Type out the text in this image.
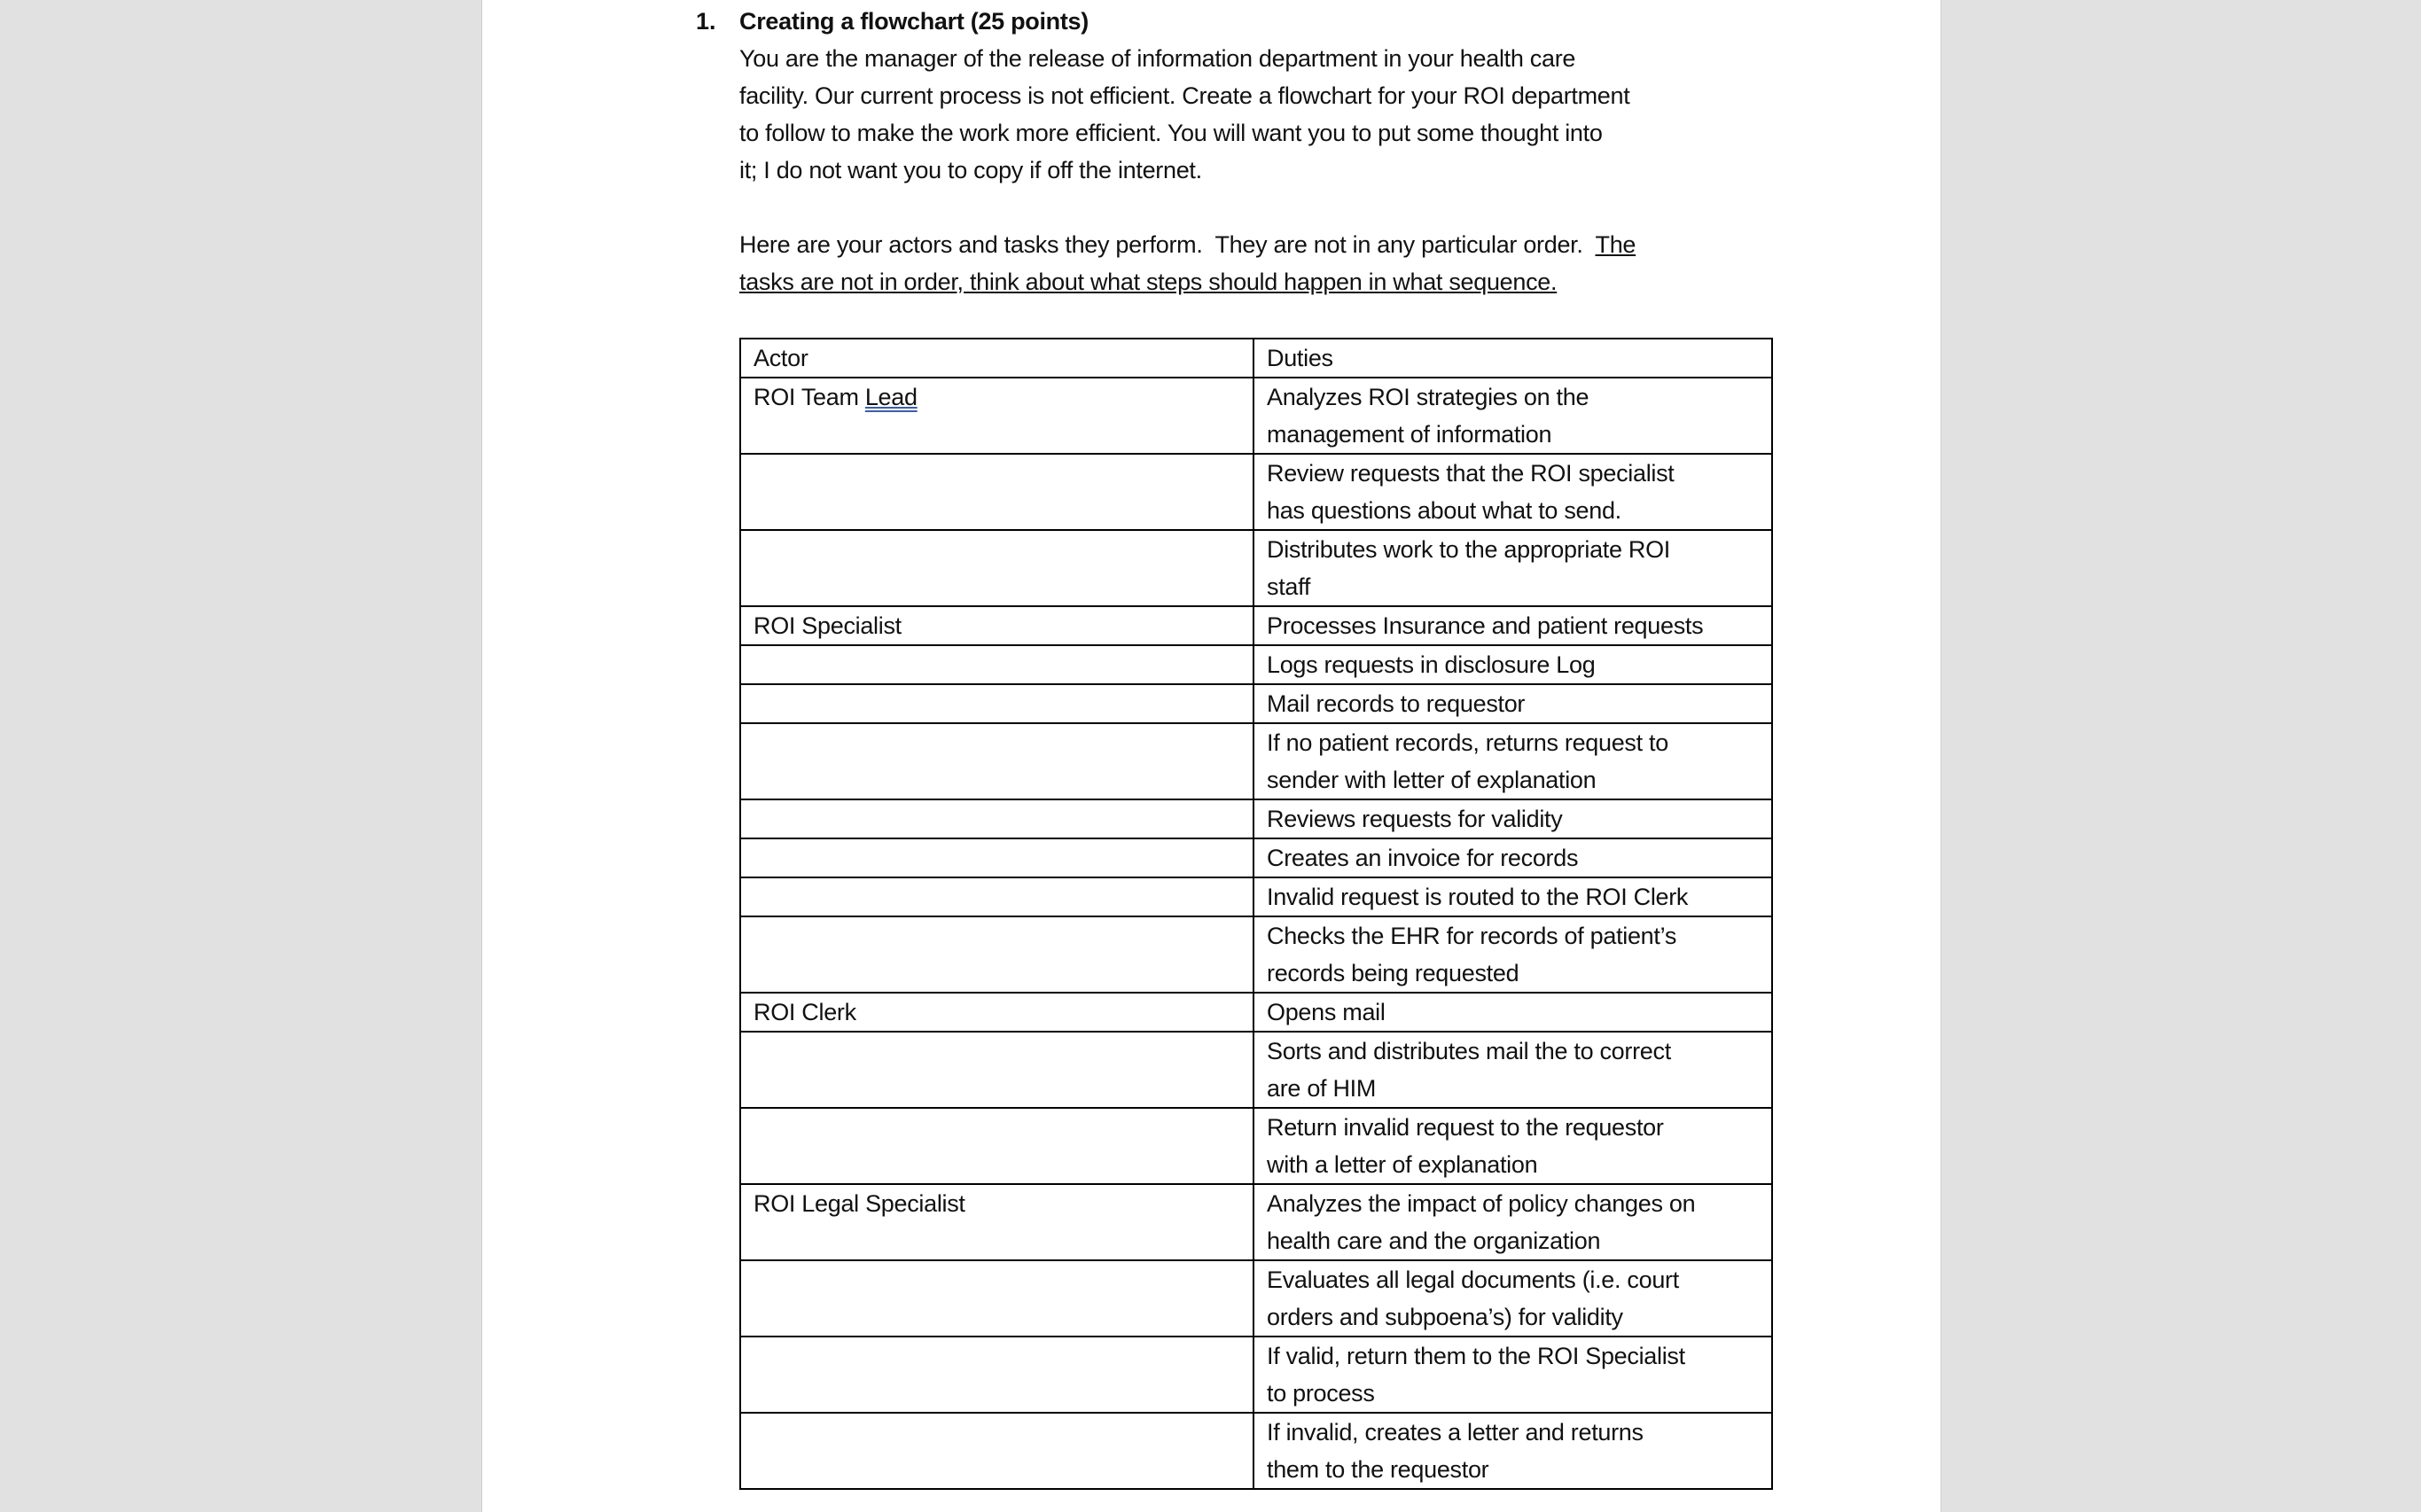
1. Creating a flowchart (25 points)
You are the manager of the release of information department in your health care
facility. Our current process is not efficient. Create a flowchart for your ROI department
to follow to make the work more efficient. You will want you to put some thought into
it; I do not want you to copy if off the internet.
Here are your actors and tasks they perform.  They are not in any particular order.  The
tasks are not in order, think about what steps should happen in what sequence.
Actor	Duties
ROI Team Lead	Analyzes ROI strategies on the
management of information

	Review requests that the ROI specialist
has questions about what to send.

	Distributes work to the appropriate ROI
staff

ROI Specialist	Processes Insurance and patient requests

	Logs requests in disclosure Log

	Mail records to requestor

	If no patient records, returns request to
sender with letter of explanation

	Reviews requests for validity

	Creates an invoice for records

	Invalid request is routed to the ROI Clerk

	Checks the EHR for records of patient’s
records being requested

ROI Clerk	Opens mail

	Sorts and distributes mail the to correct
are of HIM

	Return invalid request to the requestor
with a letter of explanation

ROI Legal Specialist	Analyzes the impact of policy changes on
health care and the organization

	Evaluates all legal documents (i.e. court
orders and subpoena’s) for validity

	If valid, return them to the ROI Specialist
to process

	If invalid, creates a letter and returns
them to the requestor
